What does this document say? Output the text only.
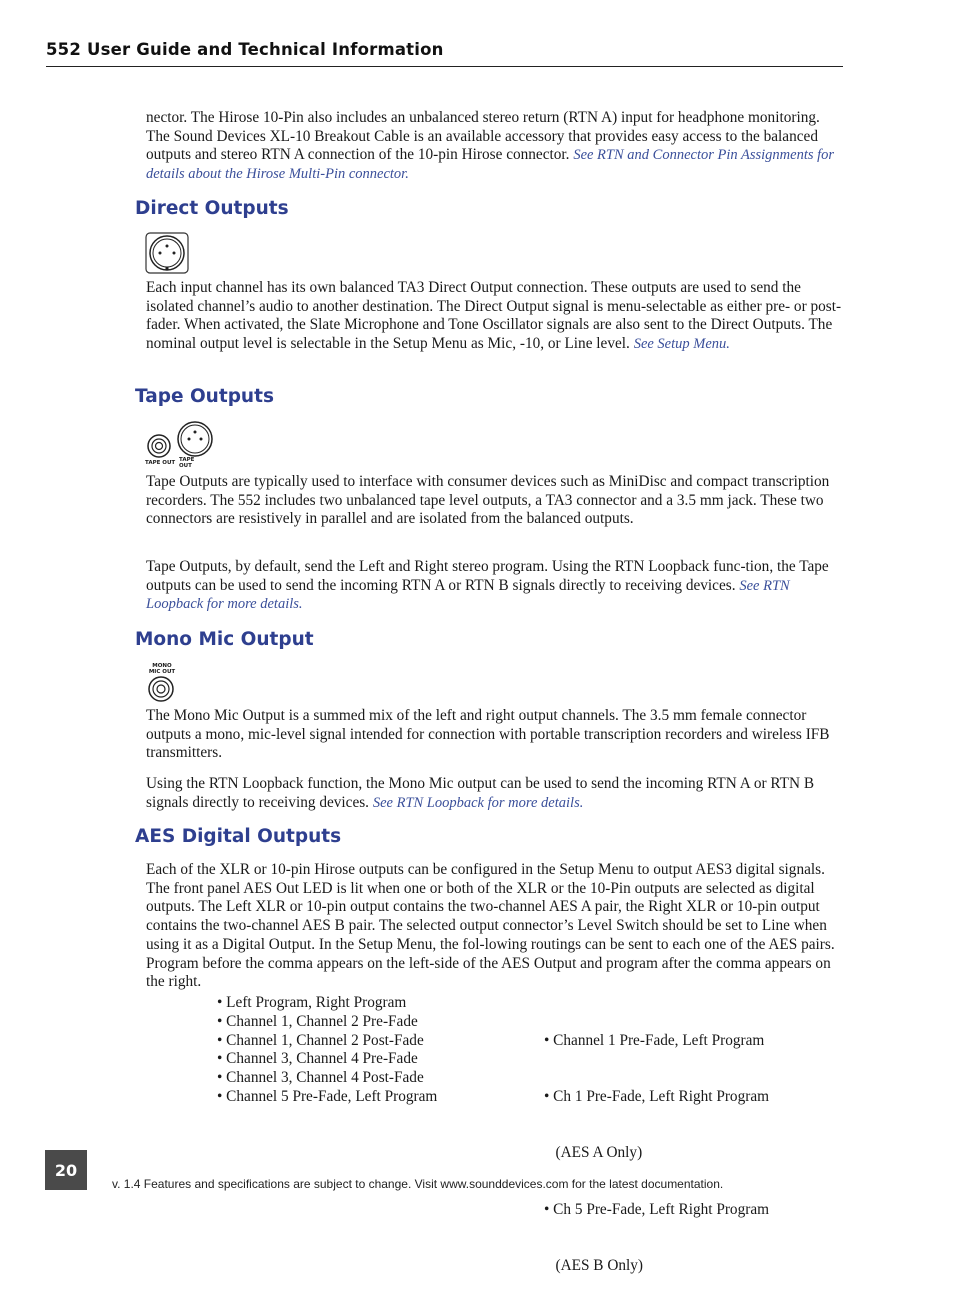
552 User Guide and Technical Information

nector. The Hirose 10-Pin also includes an unbalanced stereo return (RTN A) input for headphone monitoring. The Sound Devices XL-10 Breakout Cable is an available accessory that provides easy access to the balanced outputs and stereo RTN A connection of the 10-pin Hirose connector. See RTN and Connector Pin Assignments for details about the Hirose Multi-Pin connector.

Direct Outputs

Each input channel has its own balanced TA3 Direct Output connection. These outputs are used to send the isolated channel’s audio to another destination. The Direct Output signal is menu-selectable as either pre- or post-fader. When activated, the Slate Microphone and Tone Oscillator signals are also sent to the Direct Outputs. The nominal output level is selectable in the Setup Menu as Mic, -10, or Line level. See Setup Menu.

Tape Outputs
TAPE OUT TAPE OUT

Tape Outputs are typically used to interface with consumer devices such as MiniDisc and compact transcription recorders. The 552 includes two unbalanced tape level outputs, a TA3 connector and a 3.5 mm jack. These two connectors are resistively in parallel and are isolated from the balanced outputs.

Tape Outputs, by default, send the Left and Right stereo program. Using the RTN Loopback func-tion, the Tape outputs can be used to send the incoming RTN A or RTN B signals directly to receiving devices. See RTN Loopback for more details.

Mono Mic Output
MONO MIC OUT

The Mono Mic Output is a summed mix of the left and right output channels. The 3.5 mm female connector outputs a mono, mic-level signal intended for connection with portable transcription recorders and wireless IFB transmitters.

Using the RTN Loopback function, the Mono Mic output can be used to send the incoming RTN A or RTN B signals directly to receiving devices. See RTN Loopback for more details.

AES Digital Outputs

Each of the XLR or 10-pin Hirose outputs can be configured in the Setup Menu to output AES3 digital signals. The front panel AES Out LED is lit when one or both of the XLR or the 10-Pin outputs are selected as digital outputs. The Left XLR or 10-pin output contains the two-channel AES A pair, the Right XLR or 10-pin output contains the two-channel AES B pair. The selected output connector’s Level Switch should be set to Line when using it as a Digital Output. In the Setup Menu, the fol-lowing routings can be sent to each one of the AES pairs. Program before the comma appears on the left-side of the AES Output and program after the comma appears on the right.

• Left Program, Right Program
• Channel 1, Channel 2 Pre-Fade
• Channel 1, Channel 2 Post-Fade
• Channel 3, Channel 4 Pre-Fade
• Channel 3, Channel 4 Post-Fade
• Channel 5 Pre-Fade, Left Program

• Channel 1 Pre-Fade, Left Program

• Ch 1 Pre-Fade, Left Right Program

(AES A Only)

• Ch 5 Pre-Fade, Left Right Program

(AES B Only)

20
v. 1.4 Features and specifications are subject to change. Visit www.sounddevices.com for the latest documentation.
